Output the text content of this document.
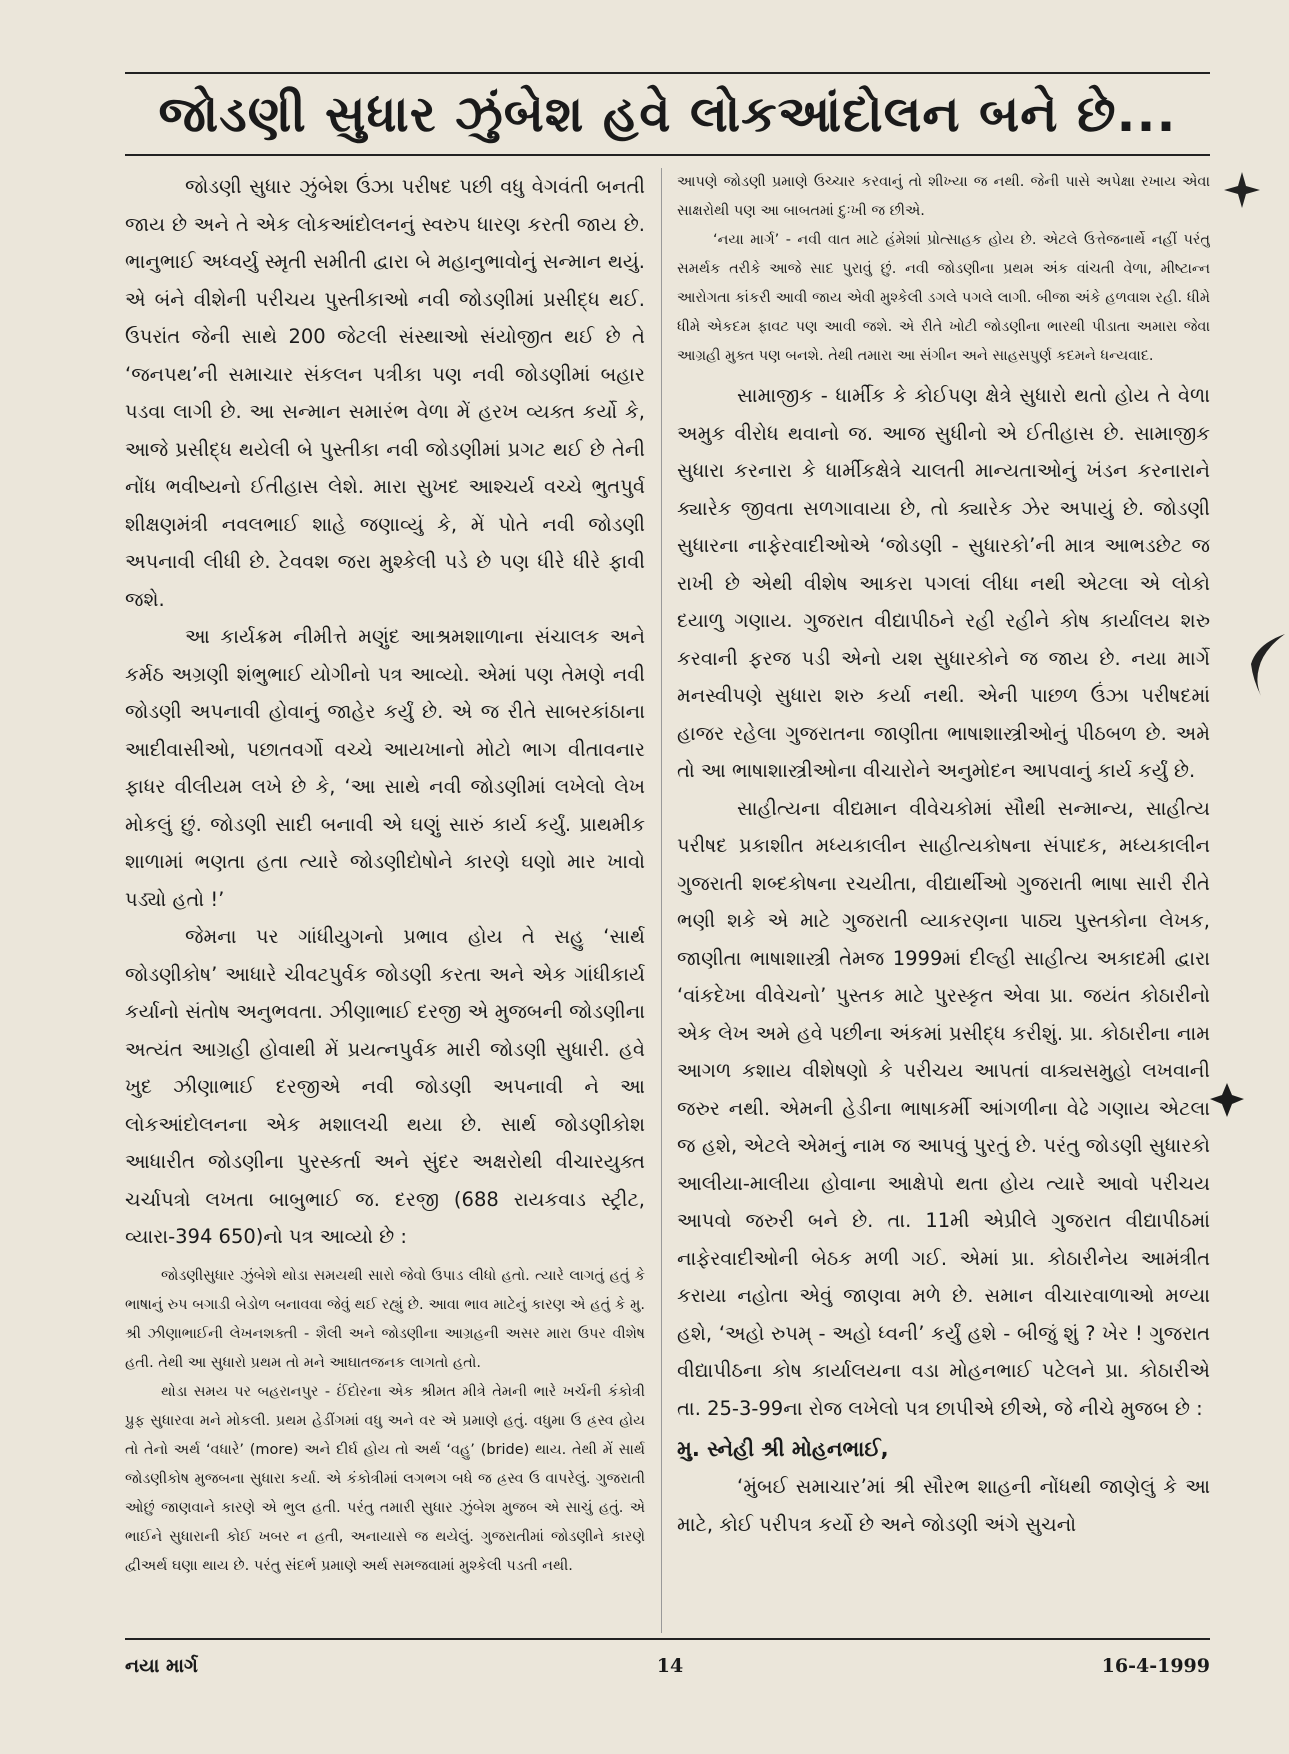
જોડણી સુધાર ઝુંબેશ હવે લોકઆંદોલન બને છે...

જોડણી સુધાર ઝુંબેશ ઉંઝા પરીષદ પછી વધુ વેગવંતી બનતી જાય છે અને તે એક લોકઆંદોલનનું સ્વરુપ ધારણ કરતી જાય છે. ભાનુભાઈ અધ્વર્યુ સ્મૃતી સમીતી દ્વારા બે મહાનુભાવોનું સન્માન થયું. એ બંને વીશેની પરીચય પુસ્તીકાઓ નવી જોડણીમાં પ્રસીદ્ધ થઈ. ઉપરાંત જેની સાથે 200 જેટલી સંસ્થાઓ સંયોજીત થઈ છે તે ‘જનપથ’ની સમાચાર સંકલન પત્રીકા પણ નવી જોડણીમાં બહાર પડવા લાગી છે. આ સન્માન સમારંભ વેળા મેં હરખ વ્યક્ત કર્યો કે, આજે પ્રસીદ્ધ થયેલી બે પુસ્તીકા નવી જોડણીમાં પ્રગટ થઈ છે તેની નોંધ ભવીષ્યનો ઈતીહાસ લેશે. મારા સુખદ આશ્ચર્ય વચ્ચે ભુતપુર્વ શીક્ષણમંત્રી નવલભાઈ શાહે જણાવ્યું કે, મેં પોતે નવી જોડણી અપનાવી લીધી છે. ટેવવશ જરા મુશ્કેલી પડે છે પણ ધીરે ધીરે ફાવી જશે.

આ કાર્યક્રમ નીમીત્તે મણુંદ આશ્રમશાળાના સંચાલક અને કર્મઠ અગ્રણી શંભુભાઈ યોગીનો પત્ર આવ્યો. એમાં પણ તેમણે નવી જોડણી અપનાવી હોવાનું જાહેર કર્યું છે. એ જ રીતે સાબરકાંઠાના આદીવાસીઓ, પછાતવર્ગો વચ્ચે આયખાનો મોટો ભાગ વીતાવનાર ફાધર વીલીયમ લખે છે કે, ‘આ સાથે નવી જોડણીમાં લખેલો લેખ મોકલું છું. જોડણી સાદી બનાવી એ ઘણું સારું કાર્ય કર્યું. પ્રાથમીક શાળામાં ભણતા હતા ત્યારે જોડણીદોષોને કારણે ઘણો માર ખાવો પડ્યો હતો !’

જેમના પર ગાંધીયુગનો પ્રભાવ હોય તે સહુ ‘સાર્થ જોડણીકોષ’ આધારે ચીવટપુર્વક જોડણી કરતા અને એક ગાંધીકાર્ય કર્યાનો સંતોષ અનુભવતા. ઝીણાભાઈ દરજી એ મુજબની જોડણીના અત્યંત આગ્રહી હોવાથી મેં પ્રયત્નપુર્વક મારી જોડણી સુધારી. હવે ખુદ ઝીણાભાઈ દરજીએ નવી જોડણી અપનાવી ને આ લોકઆંદોલનના એક મશાલચી થયા છે. સાર્થ જોડણીકોશ આધારીત જોડણીના પુરસ્કર્તા અને સુંદર અક્ષરોથી વીચારયુક્ત ચર્ચાપત્રો લખતા બાબુભાઈ જ. દરજી (688 રાયકવાડ સ્ટ્રીટ, વ્યારા-394 650)નો પત્ર આવ્યો છે :

જોડણીસુધાર ઝુંબેશે થોડા સમયથી સારો જેવો ઉપાડ લીધો હતો. ત્યારે લાગતું હતું કે ભાષાનું રુપ બગાડી બેડોળ બનાવવા જેવું થઈ રહ્યું છે. આવા ભાવ માટેનું કારણ એ હતું કે મુ. શ્રી ઝીણાભાઈની લેખનશક્તી - શૈલી અને જોડણીના આગ્રહની અસર મારા ઉપર વીશેષ હતી. તેથી આ સુધારો પ્રથમ તો મને આઘાતજનક લાગતો હતો.

થોડા સમય પર બહરાનપુર - ઈંદોરના એક શ્રીમત મીત્રે તેમની ભારે ખર્ચની કંકોત્રી પ્રુફ સુધારવા મને મોકલી. પ્રથમ હેડીંગમાં વધુ અને વર એ પ્રમાણે હતું. વધુમા ઉ હ્રસ્વ હોય તો તેનો અર્થ ‘વધારે’ (more) અને દીર્ઘ હોય તો અર્થ ‘વહુ’ (bride) થાય. તેથી મેં સાર્થ જોડણીકોષ મુજબના સુધારા કર્યા. એ કંકોત્રીમાં લગભગ બધે જ હ્રસ્વ ઉ વાપરેલું. ગુજરાતી ઓછું જાણવાને કારણે એ ભુલ હતી. પરંતુ તમારી સુધાર ઝુંબેશ મુજબ એ સાચું હતું. એ ભાઈને સુધારાની કોઈ ખબર ન હતી, અનાયાસે જ થયેલું. ગુજરાતીમાં જોડણીને કારણે દ્વીઅર્થ ઘણા થાય છે. પરંતુ સંદર્ભ પ્રમાણે અર્થ સમજવામાં મુશ્કેલી પડતી નથી.

આપણે જોડણી પ્રમાણે ઉચ્ચાર કરવાનું તો શીખ્યા જ નથી. જેની પાસે અપેક્ષા રખાય એવા સાક્ષરોથી પણ આ બાબતમાં દુઃખી જ છીએ.

‘નયા માર્ગ’ - નવી વાત માટે હંમેશાં પ્રોત્સાહક હોય છે. એટલે ઉત્તેજનાર્થે નહીં પરંતુ સમર્થક તરીકે આજે સાદ પુરાવું છું. નવી જોડણીના પ્રથમ અંક વાંચતી વેળા, મીષ્ટાન્ન આરોગતા કાંકરી આવી જાય એવી મુશ્કેલી ડગલે પગલે લાગી. બીજા અંકે હળવાશ રહી. ધીમે ધીમે એકદમ ફાવટ પણ આવી જશે. એ રીતે ખોટી જોડણીના ભારથી પીડાતા અમારા જેવા આગ્રહી મુક્ત પણ બનશે. તેથી તમારા આ સંગીન અને સાહસપુર્ણ કદમને ધન્યવાદ.

સામાજીક - ધાર્મીક કે કોઈપણ ક્ષેત્રે સુધારો થતો હોય તે વેળા અમુક વીરોધ થવાનો જ. આજ સુધીનો એ ઈતીહાસ છે. સામાજીક સુધારા કરનારા કે ધાર્મીકક્ષેત્રે ચાલતી માન્યતાઓનું ખંડન કરનારાને ક્યારેક જીવતા સળગાવાયા છે, તો ક્યારેક ઝેર અપાયું છે. જોડણી સુધારના નાફેરવાદીઓએ ‘જોડણી - સુધારકો’ની માત્ર આભડછેટ જ રાખી છે એથી વીશેષ આકરા પગલાં લીધા નથી એટલા એ લોકો દયાળુ ગણાય. ગુજરાત વીદ્યાપીઠને રહી રહીને કોષ કાર્યાલય શરુ કરવાની ફરજ પડી એનો યશ સુધારકોને જ જાય છે. નયા માર્ગે મનસ્વીપણે સુધારા શરુ કર્યા નથી. એની પાછળ ઉંઝા પરીષદમાં હાજર રહેલા ગુજરાતના જાણીતા ભાષાશાસ્ત્રીઓનું પીઠબળ છે. અમે તો આ ભાષાશાસ્ત્રીઓના વીચારોને અનુમોદન આપવાનું કાર્ય કર્યું છે.

સાહીત્યના વીદ્યમાન વીવેચકોમાં સૌથી સન્માન્ય, સાહીત્ય પરીષદ પ્રકાશીત મધ્યકાલીન સાહીત્યકોષના સંપાદક, મધ્યકાલીન ગુજરાતી શબ્દકોષના રચયીતા, વીદ્યાર્થીઓ ગુજરાતી ભાષા સારી રીતે ભણી શકે એ માટે ગુજરાતી વ્યાકરણના પાઠ્ય પુસ્તકોના લેખક, જાણીતા ભાષાશાસ્ત્રી તેમજ 1999માં દીલ્હી સાહીત્ય અકાદમી દ્વારા ‘વાંકદેખા વીવેચનો’ પુસ્તક માટે પુરસ્કૃત એવા પ્રા. જયંત કોઠારીનો એક લેખ અમે હવે પછીના અંકમાં પ્રસીદ્ધ કરીશું. પ્રા. કોઠારીના નામ આગળ કશાય વીશેષણો કે પરીચય આપતાં વાક્યસમુહો લખવાની જરુર નથી. એમની હેડીના ભાષાકર્મી આંગળીના વેઢે ગણાય એટલા જ હશે, એટલે એમનું નામ જ આપવું પુરતું છે. પરંતુ જોડણી સુધારકો આલીયા-માલીયા હોવાના આક્ષેપો થતા હોય ત્યારે આવો પરીચય આપવો જરુરી બને છે. તા. 11મી એપ્રીલે ગુજરાત વીદ્યાપીઠમાં નાફેરવાદીઓની બેઠક મળી ગઈ. એમાં પ્રા. કોઠારીનેય આમંત્રીત કરાયા નહોતા એવું જાણવા મળે છે. સમાન વીચારવાળાઓ મળ્યા હશે, ‘અહો રુપમ્ - અહો ધ્વની’ કર્યું હશે - બીજું શું ? ખેર ! ગુજરાત વીદ્યાપીઠના કોષ કાર્યાલયના વડા મોહનભાઈ પટેલને પ્રા. કોઠારીએ તા. 25-3-99ના રોજ લખેલો પત્ર છાપીએ છીએ, જે નીચે મુજબ છે :

મુ. સ્નેહી શ્રી મોહનભાઈ,

‘મુંબઈ સમાચાર’માં શ્રી સૌરભ શાહની નોંધથી જાણેલું કે આ માટે, કોઈ પરીપત્ર કર્યો છે અને જોડણી અંગે સુચનો

નયા માર્ગ	14	16-4-1999
